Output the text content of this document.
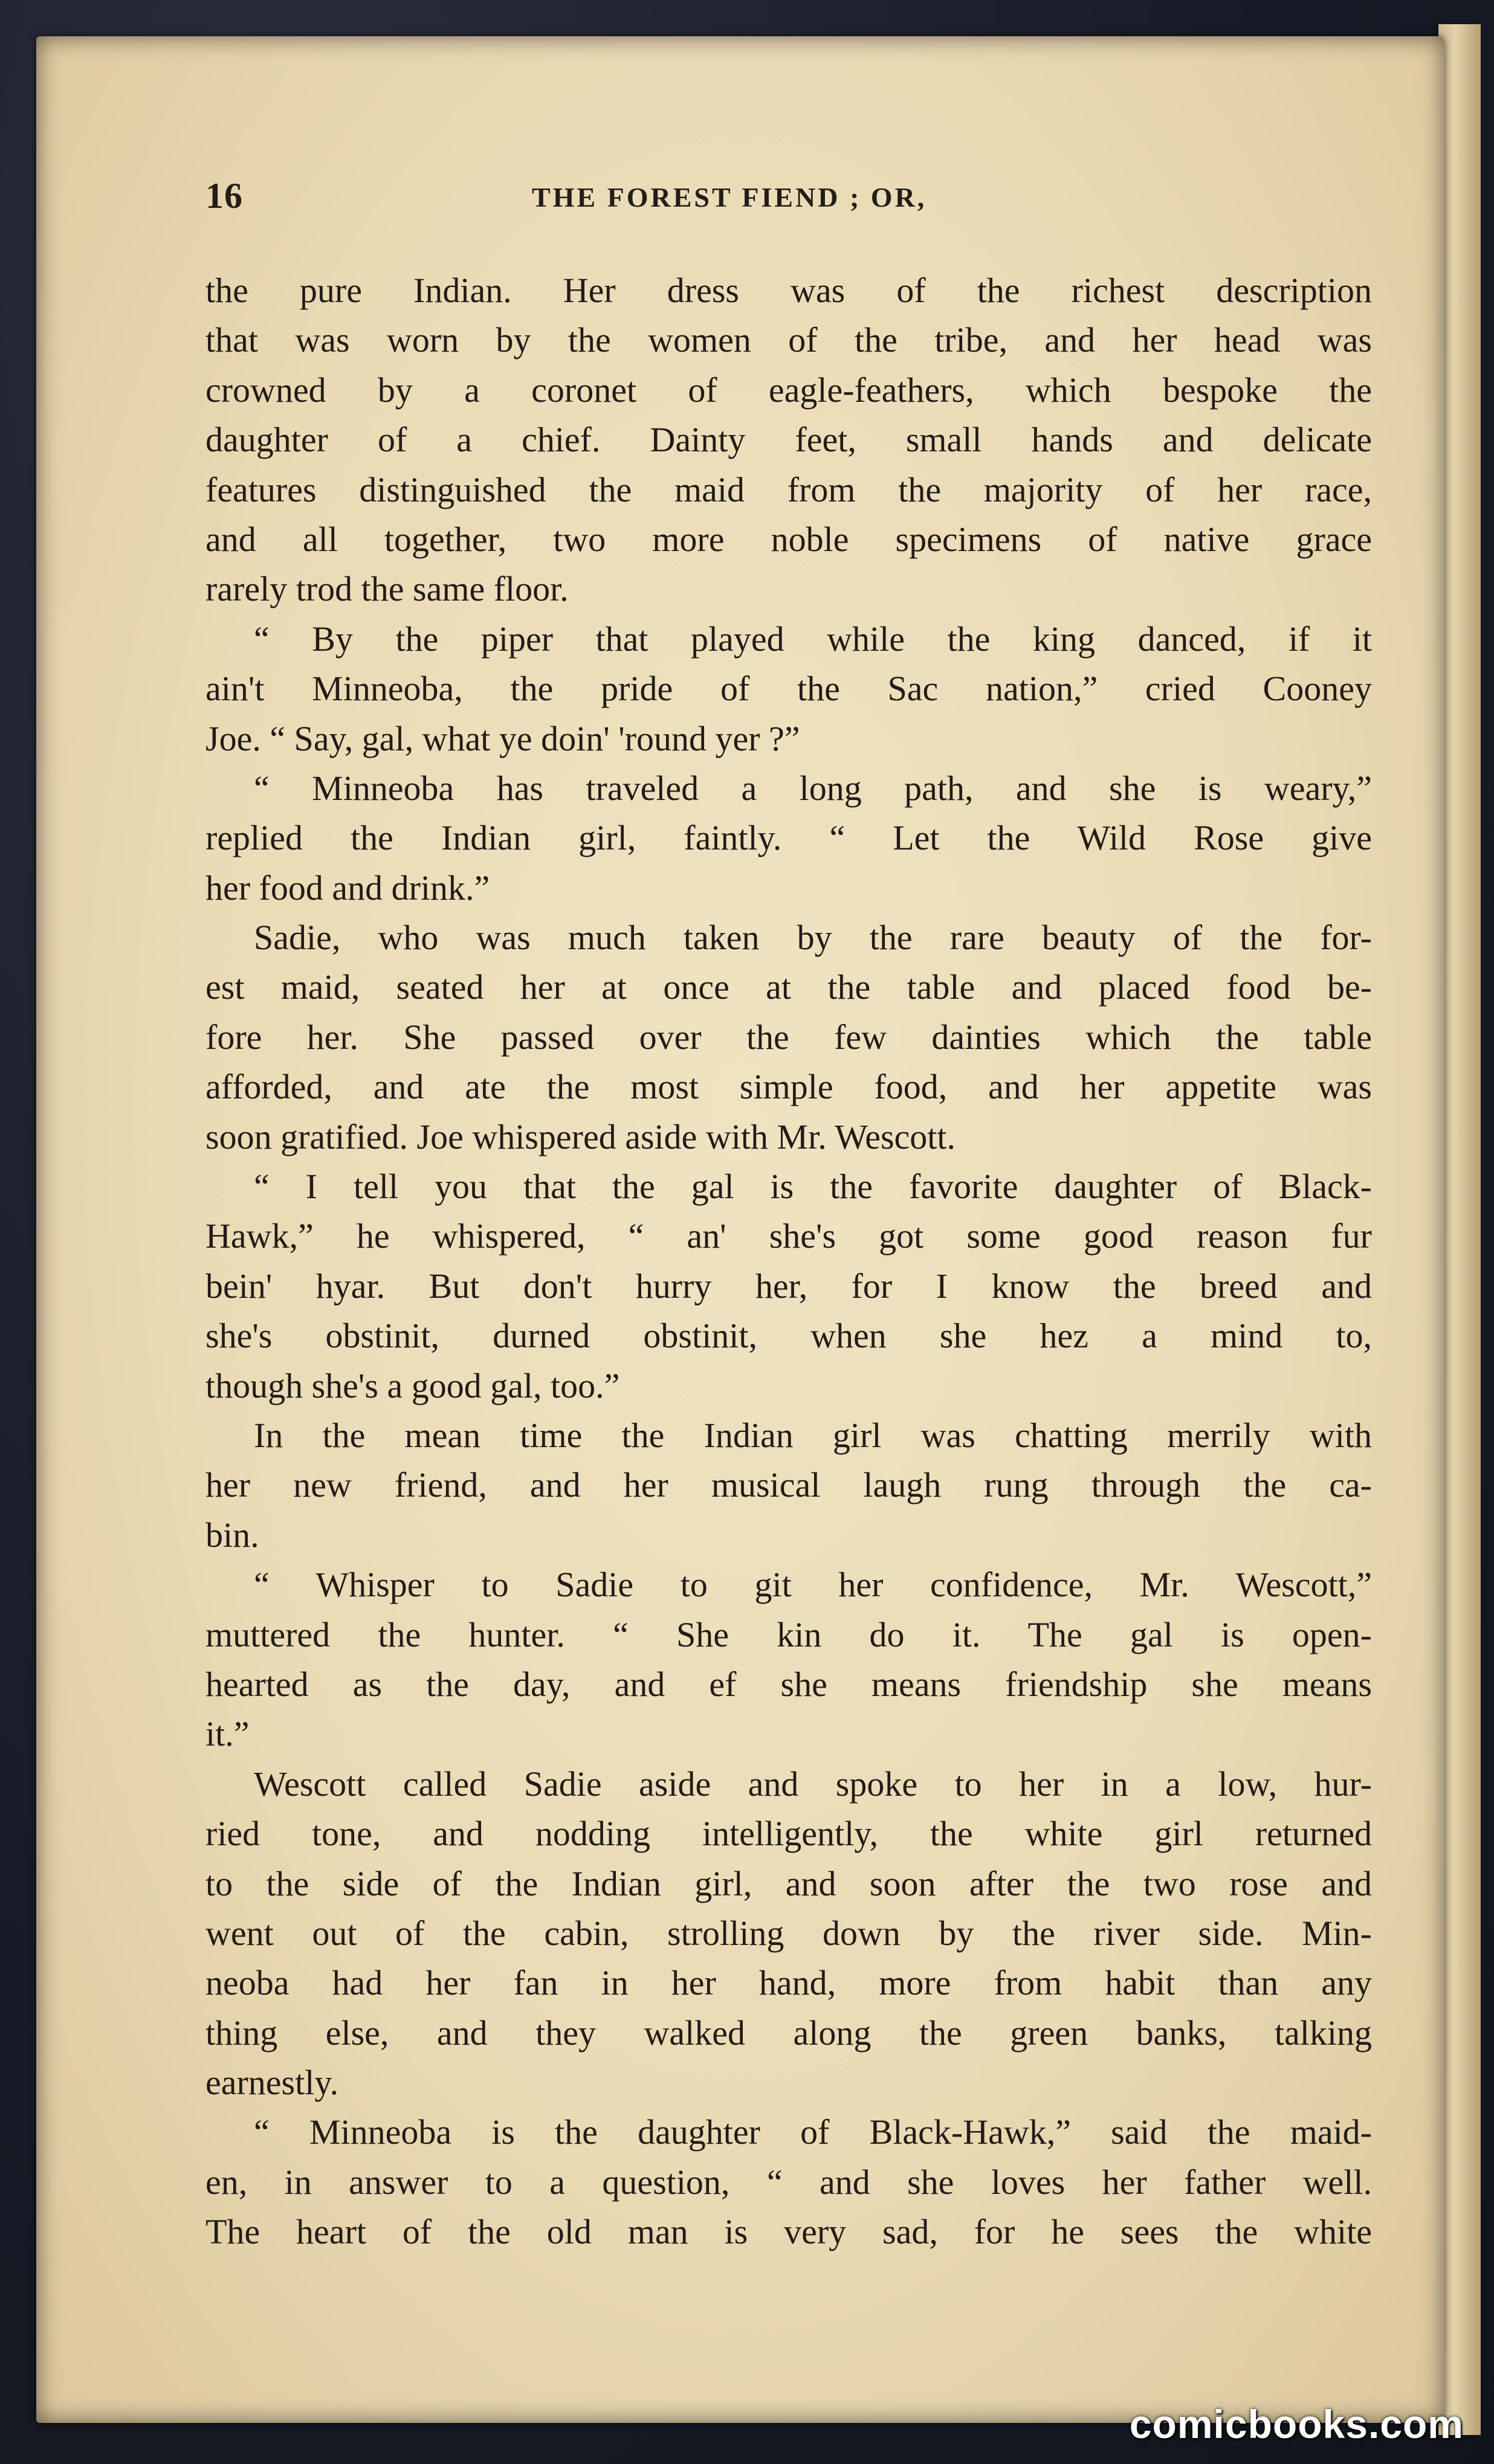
16	THE FOREST FIEND ; OR,
the pure Indian. Her dress was of the richest description
that was worn by the women of the tribe, and her head was
crowned by a coronet of eagle-feathers, which bespoke the
daughter of a chief. Dainty feet, small hands and delicate
features distinguished the maid from the majority of her race,
and all together, two more noble specimens of native grace
rarely trod the same floor.
“ By the piper that played while the king danced, if it
ain't Minneoba, the pride of the Sac nation,” cried Cooney
Joe. “ Say, gal, what ye doin' 'round yer ?”
“ Minneoba has traveled a long path, and she is weary,”
replied the Indian girl, faintly. “ Let the Wild Rose give
her food and drink.”
Sadie, who was much taken by the rare beauty of the for-
est maid, seated her at once at the table and placed food be-
fore her. She passed over the few dainties which the table
afforded, and ate the most simple food, and her appetite was
soon gratified. Joe whispered aside with Mr. Wescott.
“ I tell you that the gal is the favorite daughter of Black-
Hawk,” he whispered, “ an' she's got some good reason fur
bein' hyar. But don't hurry her, for I know the breed and
she's obstinit, durned obstinit, when she hez a mind to,
though she's a good gal, too.”
In the mean time the Indian girl was chatting merrily with
her new friend, and her musical laugh rung through the ca-
bin.
“ Whisper to Sadie to git her confidence, Mr. Wescott,”
muttered the hunter. “ She kin do it. The gal is open-
hearted as the day, and ef she means friendship she means
it.”
Wescott called Sadie aside and spoke to her in a low, hur-
ried tone, and nodding intelligently, the white girl returned
to the side of the Indian girl, and soon after the two rose and
went out of the cabin, strolling down by the river side. Min-
neoba had her fan in her hand, more from habit than any
thing else, and they walked along the green banks, talking
earnestly.
“ Minneoba is the daughter of Black-Hawk,” said the maid-
en, in answer to a question, “ and she loves her father well.
The heart of the old man is very sad, for he sees the white
comicbooks.com
